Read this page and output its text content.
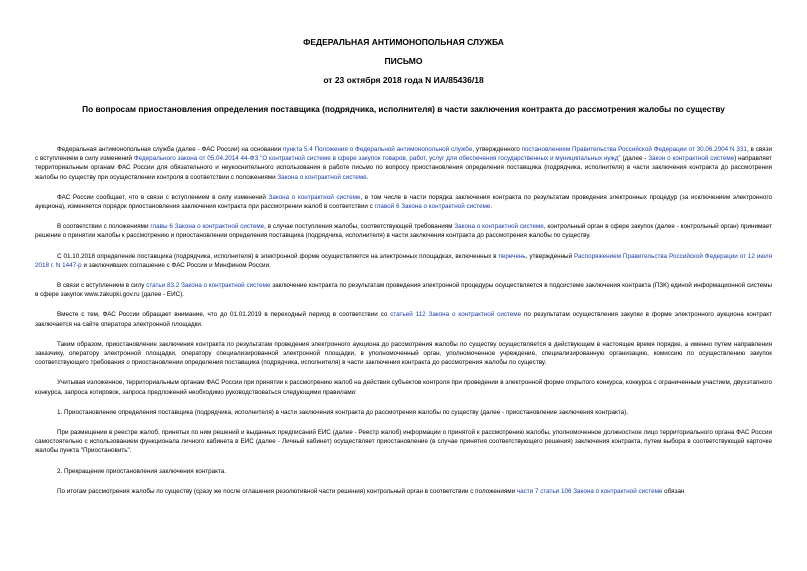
ФЕДЕРАЛЬНАЯ АНТИМОНОПОЛЬНАЯ СЛУЖБА
ПИСЬМО
от 23 октября 2018 года N ИА/85436/18
По вопросам приостановления определения поставщика (подрядчика, исполнителя) в части заключения контракта до рассмотрения жалобы по существу

Федеральная антимонопольная служба (далее - ФАС России) на основании пункта 5.4 Положения о Федеральной антимонопольной службе, утвержденного постановлением Правительства Российской Федерации от 30.06.2004 N 331, в связи с вступлением в силу изменений Федерального закона от 05.04.2014 44-ФЗ "О контрактной системе в сфере закупок товаров, работ, услуг для обеспечения государственных и муниципальных нужд" (далее - Закон о контрактной системе) направляет территориальным органам ФАС России для обязательного и неукоснительного использования в работе письмо по вопросу приостановления определения поставщика (подрядчика, исполнителя) в части заключения контракта до рассмотрения жалобы по существу при осуществлении контроля в соответствии с положениями Закона о контрактной системе.

ФАС России сообщает, что в связи с вступлением в силу изменений Закона о контрактной системе, в том числе в части порядка заключения контракта по результатам проведения электронных процедур (за исключением электронного аукциона), изменяется порядок приостановления заключения контракта при рассмотрении жалоб в соответствии с главой 6 Закона о контрактной системе.

В соответствии с положениями главы 6 Закона о контрактной системе, в случае поступления жалобы, соответствующей требованиям Закона о контрактной системе, контрольный орган в сфере закупок (далее - контрольный орган) принимает решение о принятии жалобы к рассмотрению и приостановлении определения поставщика (подрядчика, исполнителя) в части заключения контракта до рассмотрения жалобы по существу.

С 01.10.2018 определение поставщика (подрядчика, исполнителя) в электронной форме осуществляется на электронных площадках, включенных в перечень, утвержденный Распоряжением Правительства Российской Федерации от 12 июля 2018 г. N 1447-р и заключивших соглашение с ФАС России и Минфином России.

В связи с вступлением в силу статьи 83.2 Закона о контрактной системе заключение контракта по результатам проведения электронной процедуры осуществляется в подсистеме заключения контракта (ПЗК) единой информационной системы в сфере закупок www.zakupki.gov.ru (далее - ЕИС).

Вместе с тем, ФАС России обращает внимание, что до 01.01.2019 в переходный период в соответствии со статьей 112 Закона о контрактной системе по результатам осуществления закупки в форме электронного аукциона контракт заключается на сайте оператора электронной площадки.

Таким образом, приостановление заключения контракта по результатам проведения электронного аукциона до рассмотрения жалобы по существу осуществляется в действующем в настоящее время порядке, а именно путем направления заказчику, оператору электронной площадки, оператору специализированной электронной площадки, в уполномоченный орган, уполномоченное учреждение, специализированную организацию, комиссию по осуществлению закупок соответствующего требования о приостановлении определения поставщика (подрядчика, исполнителя) в части заключения контракта до рассмотрения жалобы по существу.

Учитывая изложенное, территориальным органам ФАС России при принятии к рассмотрению жалоб на действия субъектов контроля при проведении в электронной форме открытого конкурса, конкурса с ограниченным участием, двухэтапного конкурса, запроса котировок, запроса предложений необходимо руководствоваться следующими правилами:

1. Приостановление определения поставщика (подрядчика, исполнителя) в части заключения контракта до рассмотрения жалобы по существу (далее - приостановление заключения контракта).

При размещении в реестре жалоб, принятых по ним решений и выданных предписаний ЕИС (далее - Реестр жалоб) информации о принятой к рассмотрению жалобы, уполномоченное должностное лицо территориального органа ФАС России самостоятельно с использованием функционала личного кабинета в ЕИС (далее - Личный кабинет) осуществляет приостановление (в случае принятия соответствующего решения) заключения контракта, путем выбора в соответствующей карточке жалобы пункта "Приостановить".

2. Прекращение приостановления заключения контракта.

По итогам рассмотрения жалобы по существу (сразу же после оглашения резолютивной части решения) контрольный орган в соответствии с положениями части 7 статьи 106 Закона о контрактной системе обязан
